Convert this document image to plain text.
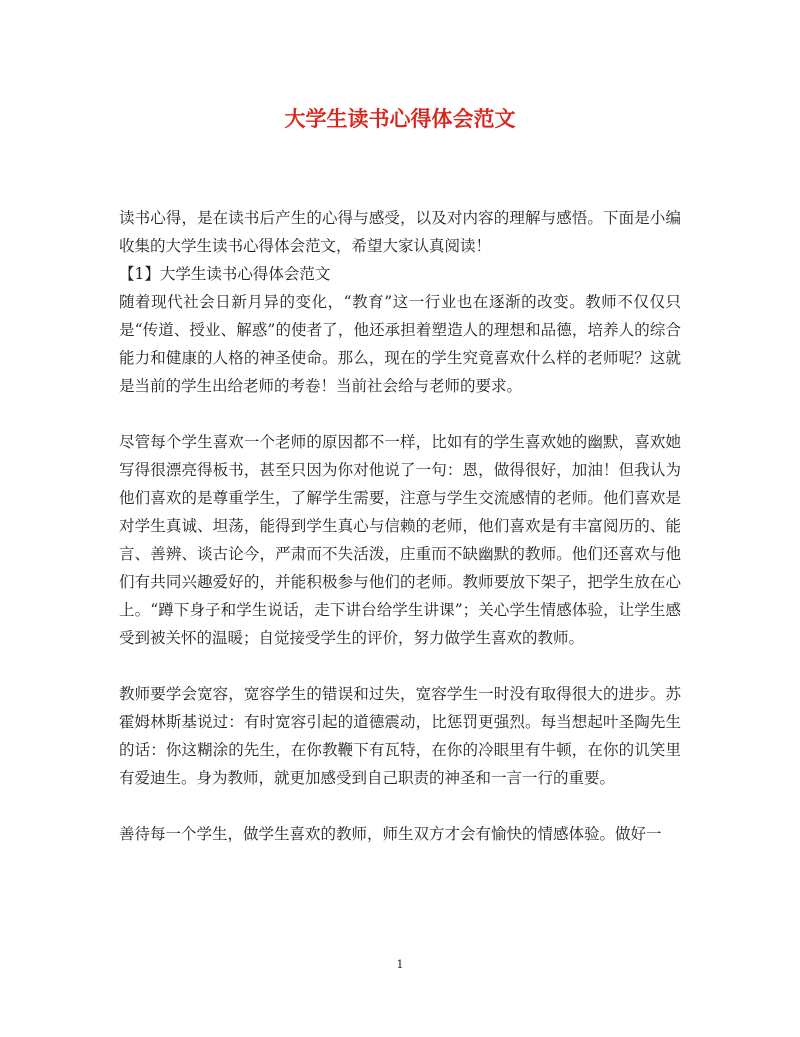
大学生读书心得体会范文

读书心得，是在读书后产生的心得与感受，以及对内容的理解与感悟。下面是小编收集的大学生读书心得体会范文，希望大家认真阅读！

【1】大学生读书心得体会范文

随着现代社会日新月异的变化，“教育”这一行业也在逐渐的改变。教师不仅仅只是“传道、授业、解惑”的使者了，他还承担着塑造人的理想和品德，培养人的综合能力和健康的人格的神圣使命。那么，现在的学生究竟喜欢什么样的老师呢？这就是当前的学生出给老师的考卷！当前社会给与老师的要求。

尽管每个学生喜欢一个老师的原因都不一样，比如有的学生喜欢她的幽默，喜欢她写得很漂亮得板书，甚至只因为你对他说了一句：恩，做得很好，加油！但我认为他们喜欢的是尊重学生，了解学生需要，注意与学生交流感情的老师。他们喜欢是对学生真诚、坦荡，能得到学生真心与信赖的老师，他们喜欢是有丰富阅历的、能言、善辨、谈古论今，严肃而不失活泼，庄重而不缺幽默的教师。他们还喜欢与他们有共同兴趣爱好的，并能积极参与他们的老师。教师要放下架子，把学生放在心上。“蹲下身子和学生说话，走下讲台给学生讲课”；关心学生情感体验，让学生感受到被关怀的温暖；自觉接受学生的评价，努力做学生喜欢的教师。

教师要学会宽容，宽容学生的错误和过失，宽容学生一时没有取得很大的进步。苏霍姆林斯基说过：有时宽容引起的道德震动，比惩罚更强烈。每当想起叶圣陶先生的话：你这糊涂的先生，在你教鞭下有瓦特，在你的冷眼里有牛顿，在你的讥笑里有爱迪生。身为教师，就更加感受到自己职责的神圣和一言一行的重要。

善待每一个学生，做学生喜欢的教师，师生双方才会有愉快的情感体验。做好一

1
